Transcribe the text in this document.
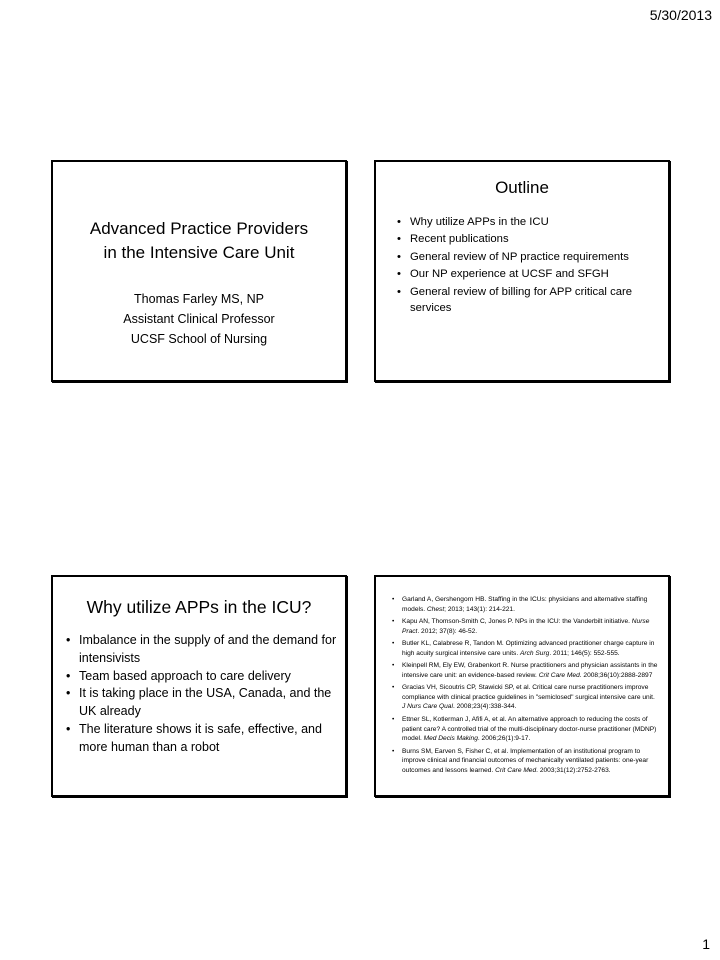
5/30/2013
Advanced Practice Providers
in the Intensive Care Unit
Thomas Farley MS, NP
Assistant Clinical Professor
UCSF School of Nursing
Outline
• Why utilize APPs in the ICU
• Recent publications
• General review of NP practice requirements
• Our NP experience at UCSF and SFGH
• General review of billing for APP critical care services
Why utilize APPs in the ICU?
• Imbalance in the supply of and the demand for intensivists
• Team based approach to care delivery
• It is taking place in the USA, Canada, and the UK already
• The literature shows it is safe, effective, and more human than a robot
• Garland A, Gershengorn HB. Staffing in the ICUs: physicians and alternative staffing models. Chest; 2013; 143(1): 214-221.
• Kapu AN, Thomson-Smith C, Jones P. NPs in the ICU: the Vanderbilt initiative. Nurse Pract. 2012; 37(8): 46-52.
• Butler KL, Calabrese R, Tandon M. Optimizing advanced practitioner charge capture in high acuity surgical intensive care units. Arch Surg. 2011; 146(5): 552-555.
• Kleinpell RM, Ely EW, Grabenkort R. Nurse practitioners and physician assistants in the intensive care unit: an evidence-based review. Crit Care Med. 2008;36(10):2888-2897
• Gracias VH, Sicoutris CP, Stawicki SP, et al. Critical care nurse practitioners improve compliance with clinical practice guidelines in "semiclosed" surgical intensive care unit. J Nurs Care Qual. 2008;23(4):338-344.
• Ettner SL, Kotlerman J, Afifi A, et al. An alternative approach to reducing the costs of patient care? A controlled trial of the multi-disciplinary doctor-nurse practitioner (MDNP) model. Med Decis Making. 2006;26(1):9-17.
• Burns SM, Earven S, Fisher C, et al. Implementation of an institutional program to improve clinical and financial outcomes of mechanically ventilated patients: one-year outcomes and lessons learned. Crit Care Med. 2003;31(12):2752-2763.
1
